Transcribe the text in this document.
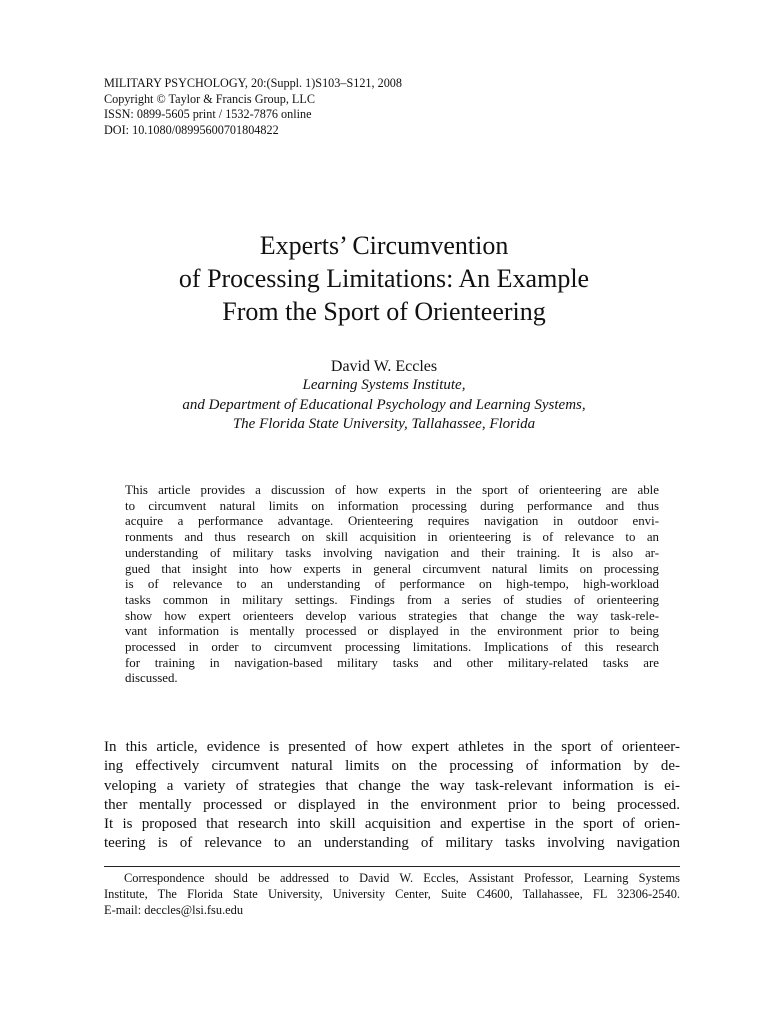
MILITARY PSYCHOLOGY, 20:(Suppl. 1)S103–S121, 2008
Copyright © Taylor & Francis Group, LLC
ISSN: 0899-5605 print / 1532-7876 online
DOI: 10.1080/08995600701804822
Experts’ Circumvention
of Processing Limitations: An Example
From the Sport of Orienteering
David W. Eccles
Learning Systems Institute,
and Department of Educational Psychology and Learning Systems,
The Florida State University, Tallahassee, Florida
This article provides a discussion of how experts in the sport of orienteering are able
to circumvent natural limits on information processing during performance and thus
acquire a performance advantage. Orienteering requires navigation in outdoor envi-
ronments and thus research on skill acquisition in orienteering is of relevance to an
understanding of military tasks involving navigation and their training. It is also ar-
gued that insight into how experts in general circumvent natural limits on processing
is of relevance to an understanding of performance on high-tempo, high-workload
tasks common in military settings. Findings from a series of studies of orienteering
show how expert orienteers develop various strategies that change the way task-rele-
vant information is mentally processed or displayed in the environment prior to being
processed in order to circumvent processing limitations. Implications of this research
for training in navigation-based military tasks and other military-related tasks are
discussed.
In this article, evidence is presented of how expert athletes in the sport of orienteer-
ing effectively circumvent natural limits on the processing of information by de-
veloping a variety of strategies that change the way task-relevant information is ei-
ther mentally processed or displayed in the environment prior to being processed.
It is proposed that research into skill acquisition and expertise in the sport of orien-
teering is of relevance to an understanding of military tasks involving navigation
Correspondence should be addressed to David W. Eccles, Assistant Professor, Learning Systems
Institute, The Florida State University, University Center, Suite C4600, Tallahassee, FL 32306-2540.
E-mail: deccles@lsi.fsu.edu
